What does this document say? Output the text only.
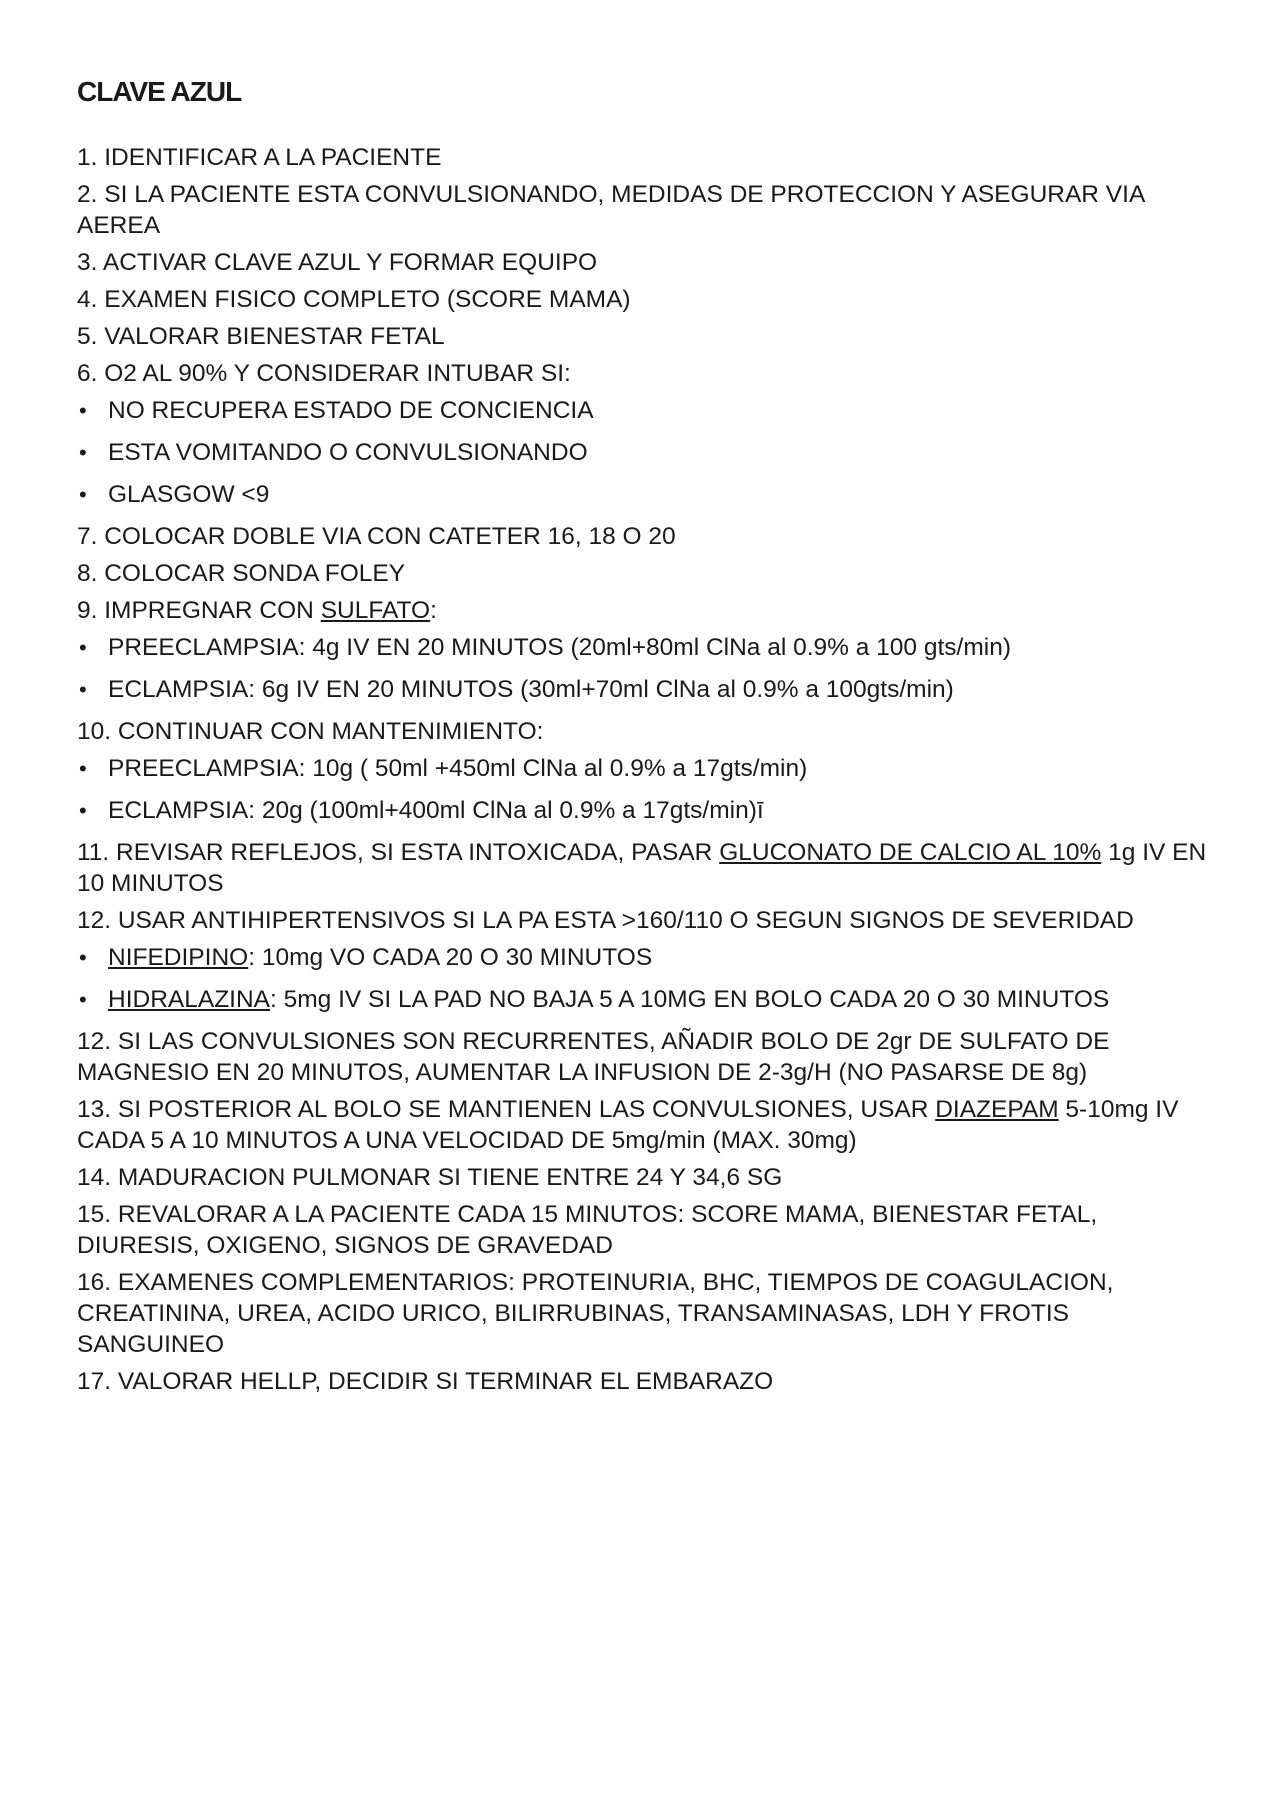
CLAVE AZUL
1. IDENTIFICAR A LA PACIENTE
2. SI LA PACIENTE ESTA CONVULSIONANDO, MEDIDAS DE PROTECCION Y ASEGURAR VIA AEREA
3. ACTIVAR CLAVE AZUL Y FORMAR EQUIPO
4. EXAMEN FISICO COMPLETO (SCORE MAMA)
5. VALORAR BIENESTAR FETAL
6. O2 AL 90% Y CONSIDERAR INTUBAR SI:
• NO RECUPERA ESTADO DE CONCIENCIA
• ESTA VOMITANDO O CONVULSIONANDO
• GLASGOW <9
7. COLOCAR DOBLE VIA CON CATETER 16, 18 O 20
8. COLOCAR SONDA FOLEY
9. IMPREGNAR CON SULFATO:
• PREECLAMPSIA: 4g IV EN 20 MINUTOS (20ml+80ml ClNa al 0.9% a 100 gts/min)
• ECLAMPSIA: 6g IV EN 20 MINUTOS (30ml+70ml ClNa al 0.9% a 100gts/min)
10. CONTINUAR CON MANTENIMIENTO:
• PREECLAMPSIA: 10g ( 50ml +450ml ClNa al 0.9% a 17gts/min)
• ECLAMPSIA: 20g (100ml+400ml ClNa al 0.9% a 17gts/min)ī
11. REVISAR REFLEJOS, SI ESTA INTOXICADA, PASAR GLUCONATO DE CALCIO AL 10% 1g IV EN 10 MINUTOS
12. USAR ANTIHIPERTENSIVOS SI LA PA ESTA >160/110 O SEGUN SIGNOS DE SEVERIDAD
• NIFEDIPINO: 10mg VO CADA 20 O 30 MINUTOS
• HIDRALAZINA: 5mg IV SI LA PAD NO BAJA 5 A 10MG EN BOLO CADA 20 O 30 MINUTOS
12. SI LAS CONVULSIONES SON RECURRENTES, AÑADIR BOLO DE 2gr DE SULFATO DE MAGNESIO EN 20 MINUTOS, AUMENTAR LA INFUSION DE 2-3g/H (NO PASARSE DE 8g)
13. SI POSTERIOR AL BOLO SE MANTIENEN LAS CONVULSIONES, USAR DIAZEPAM 5-10mg IV CADA 5 A 10 MINUTOS A UNA VELOCIDAD DE 5mg/min (MAX. 30mg)
14. MADURACION PULMONAR SI TIENE ENTRE 24 Y 34,6 SG
15. REVALORAR A LA PACIENTE CADA 15 MINUTOS: SCORE MAMA, BIENESTAR FETAL, DIURESIS, OXIGENO, SIGNOS DE GRAVEDAD
16. EXAMENES COMPLEMENTARIOS: PROTEINURIA, BHC, TIEMPOS DE COAGULACION, CREATININA, UREA, ACIDO URICO, BILIRRUBINAS, TRANSAMINASAS, LDH Y FROTIS SANGUINEO
17. VALORAR HELLP, DECIDIR SI TERMINAR EL EMBARAZO
